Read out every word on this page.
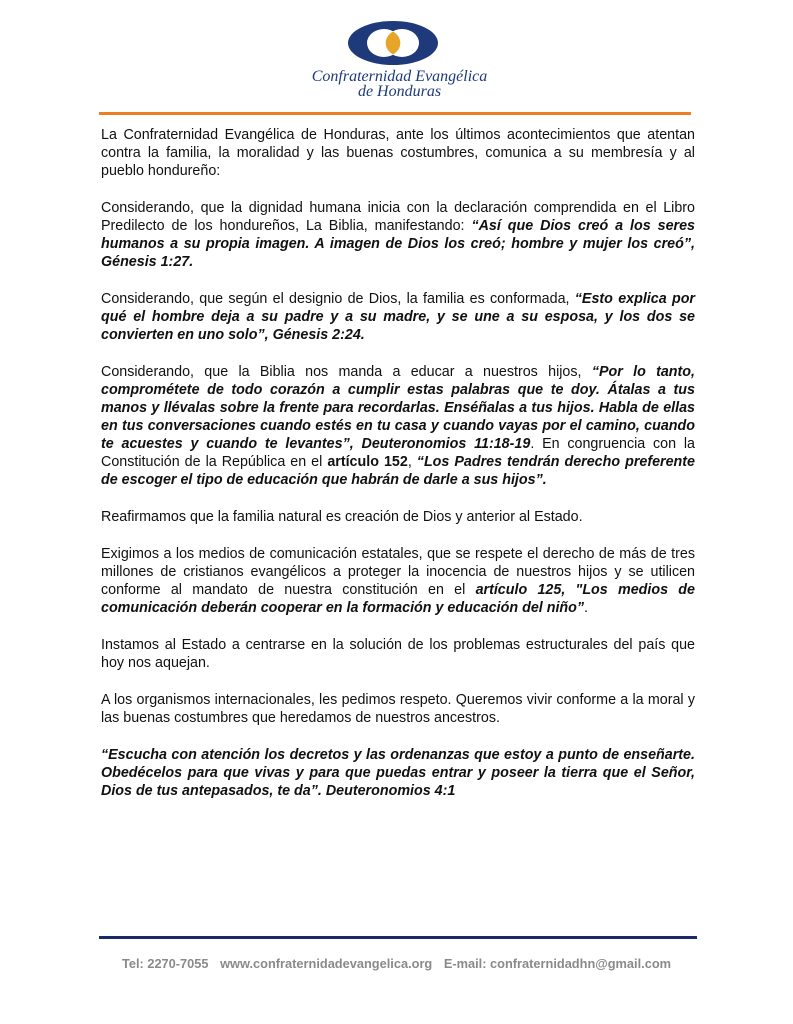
Confraternidad Evangélica
de Honduras

La Confraternidad Evangélica de Honduras, ante los últimos acontecimientos que atentan contra la familia, la moralidad y las buenas costumbres, comunica a su membresía y al pueblo hondureño:

Considerando, que la dignidad humana inicia con la declaración comprendida en el Libro Predilecto de los hondureños, La Biblia, manifestando: “Así que Dios creó a los seres humanos a su propia imagen. A imagen de Dios los creó; hombre y mujer los creó”, Génesis 1:27.

Considerando, que según el designio de Dios, la familia es conformada, “Esto explica por qué el hombre deja a su padre y a su madre, y se une a su esposa, y los dos se convierten en uno solo”, Génesis 2:24.

Considerando, que la Biblia nos manda a educar a nuestros hijos, “Por lo tanto, comprométete de todo corazón a cumplir estas palabras que te doy. Átalas a tus manos y llévalas sobre la frente para recordarlas. Enséñalas a tus hijos. Habla de ellas en tus conversaciones cuando estés en tu casa y cuando vayas por el camino, cuando te acuestes y cuando te levantes”, Deuteronomios 11:18-19. En congruencia con la Constitución de la República en el artículo 152, “Los Padres tendrán derecho preferente de escoger el tipo de educación que habrán de darle a sus hijos”.

Reafirmamos que la familia natural es creación de Dios y anterior al Estado.

Exigimos a los medios de comunicación estatales, que se respete el derecho de más de tres millones de cristianos evangélicos a proteger la inocencia de nuestros hijos y se utilicen conforme al mandato de nuestra constitución en el artículo 125, "Los medios de comunicación deberán cooperar en la formación y educación del niño”.

Instamos al Estado a centrarse en la solución de los problemas estructurales del país que hoy nos aquejan.

A los organismos internacionales, les pedimos respeto. Queremos vivir conforme a la moral y las buenas costumbres que heredamos de nuestros ancestros.

“Escucha con atención los decretos y las ordenanzas que estoy a punto de enseñarte. Obedécelos para que vivas y para que puedas entrar y poseer la tierra que el Señor, Dios de tus antepasados, te da”. Deuteronomios 4:1

Tel: 2270-7055 www.confraternidadevangelica.org E-mail: confraternidadhn@gmail.com
